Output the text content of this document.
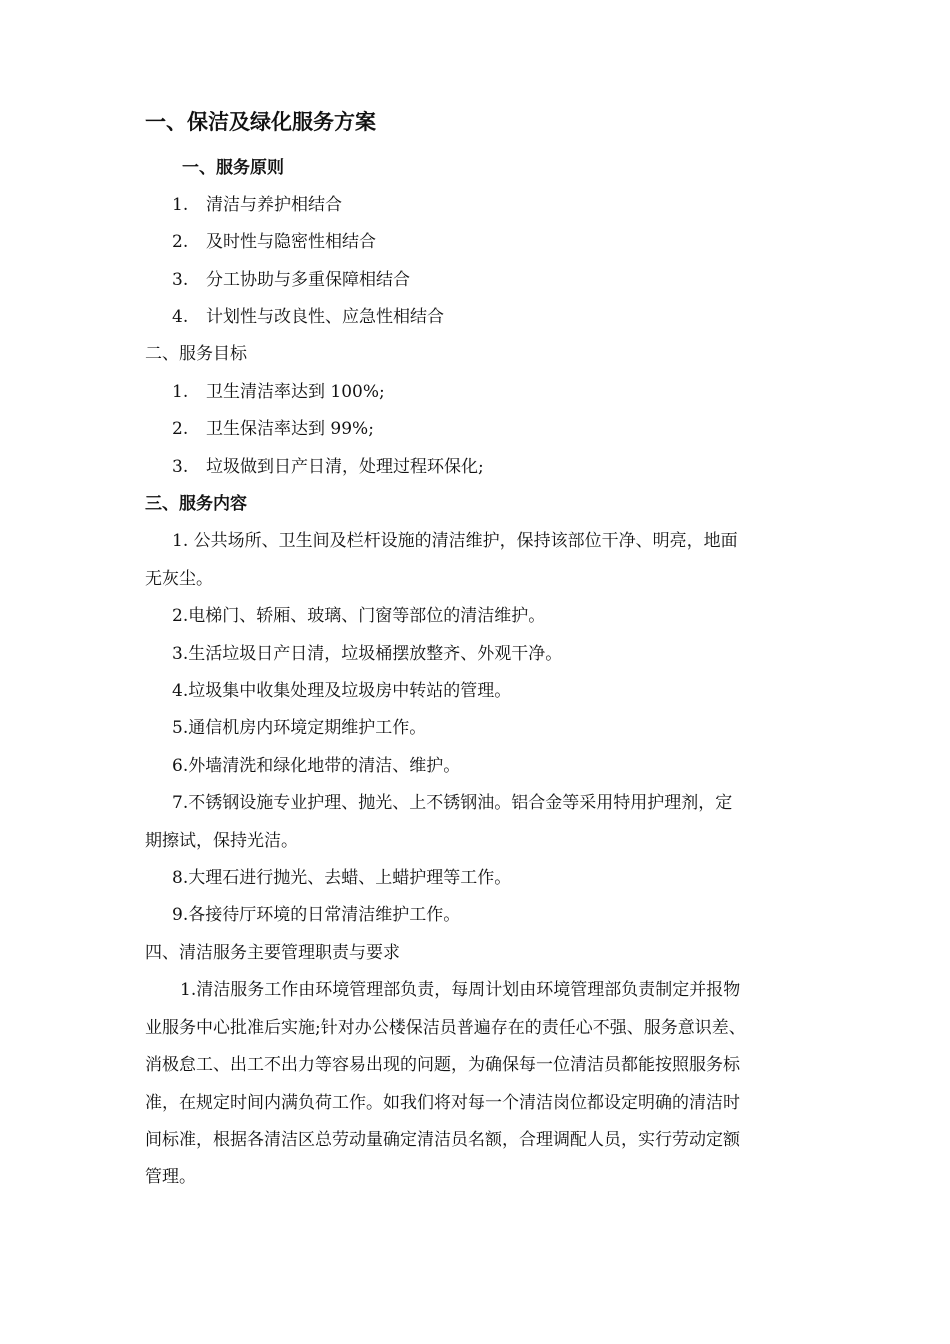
一、保洁及绿化服务方案
一、服务原则
1. 清洁与养护相结合
2. 及时性与隐密性相结合
3. 分工协助与多重保障相结合
4. 计划性与改良性、应急性相结合
二、服务目标
1. 卫生清洁率达到 100%;
2. 卫生保洁率达到 99%;
3. 垃圾做到日产日清，处理过程环保化;
三、服务内容
1. 公共场所、卫生间及栏杆设施的清洁维护，保持该部位干净、明亮，地面
无灰尘。
2.电梯门、轿厢、玻璃、门窗等部位的清洁维护。
3.生活垃圾日产日清，垃圾桶摆放整齐、外观干净。
4.垃圾集中收集处理及垃圾房中转站的管理。
5.通信机房内环境定期维护工作。
6.外墙清洗和绿化地带的清洁、维护。
7.不锈钢设施专业护理、抛光、上不锈钢油。铝合金等采用特用护理剂，定
期擦试，保持光洁。
8.大理石进行抛光、去蜡、上蜡护理等工作。
9.各接待厅环境的日常清洁维护工作。
四、清洁服务主要管理职责与要求
1.清洁服务工作由环境管理部负责，每周计划由环境管理部负责制定并报物
业服务中心批准后实施;针对办公楼保洁员普遍存在的责任心不强、服务意识差、
消极怠工、出工不出力等容易出现的问题，为确保每一位清洁员都能按照服务标
准，在规定时间内满负荷工作。如我们将对每一个清洁岗位都设定明确的清洁时
间标准，根据各清洁区总劳动量确定清洁员名额，合理调配人员，实行劳动定额
管理。
